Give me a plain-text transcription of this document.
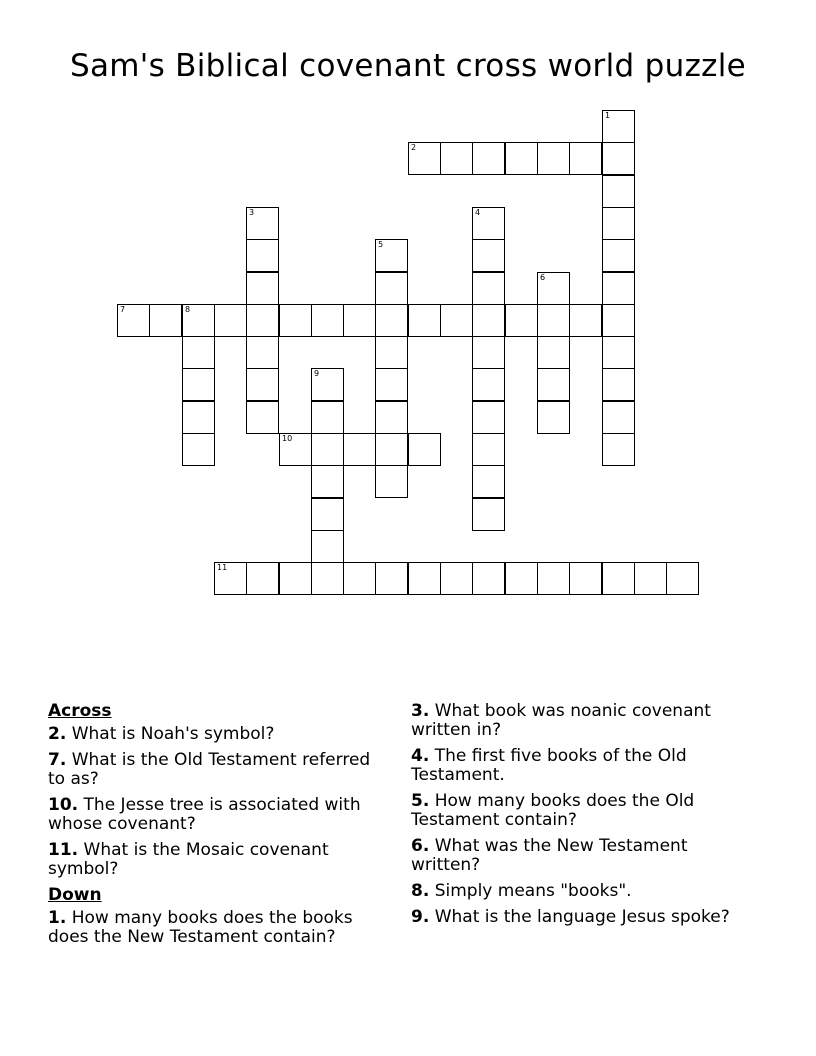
Sam's Biblical covenant cross world puzzle
2
7	8
10
11
1
3	4
5
6
9
Across
2. What is Noah's symbol?
7. What is the Old Testament referred to as?
10. The Jesse tree is associated with whose covenant?
11. What is the Mosaic covenant symbol?
Down
1. How many books does the books does the New Testament contain?
3. What book was noanic covenant written in?
4. The first five books of the Old Testament.
5. How many books does the Old Testament contain?
6. What was the New Testament written?
8. Simply means "books".
9. What is the language Jesus spoke?
